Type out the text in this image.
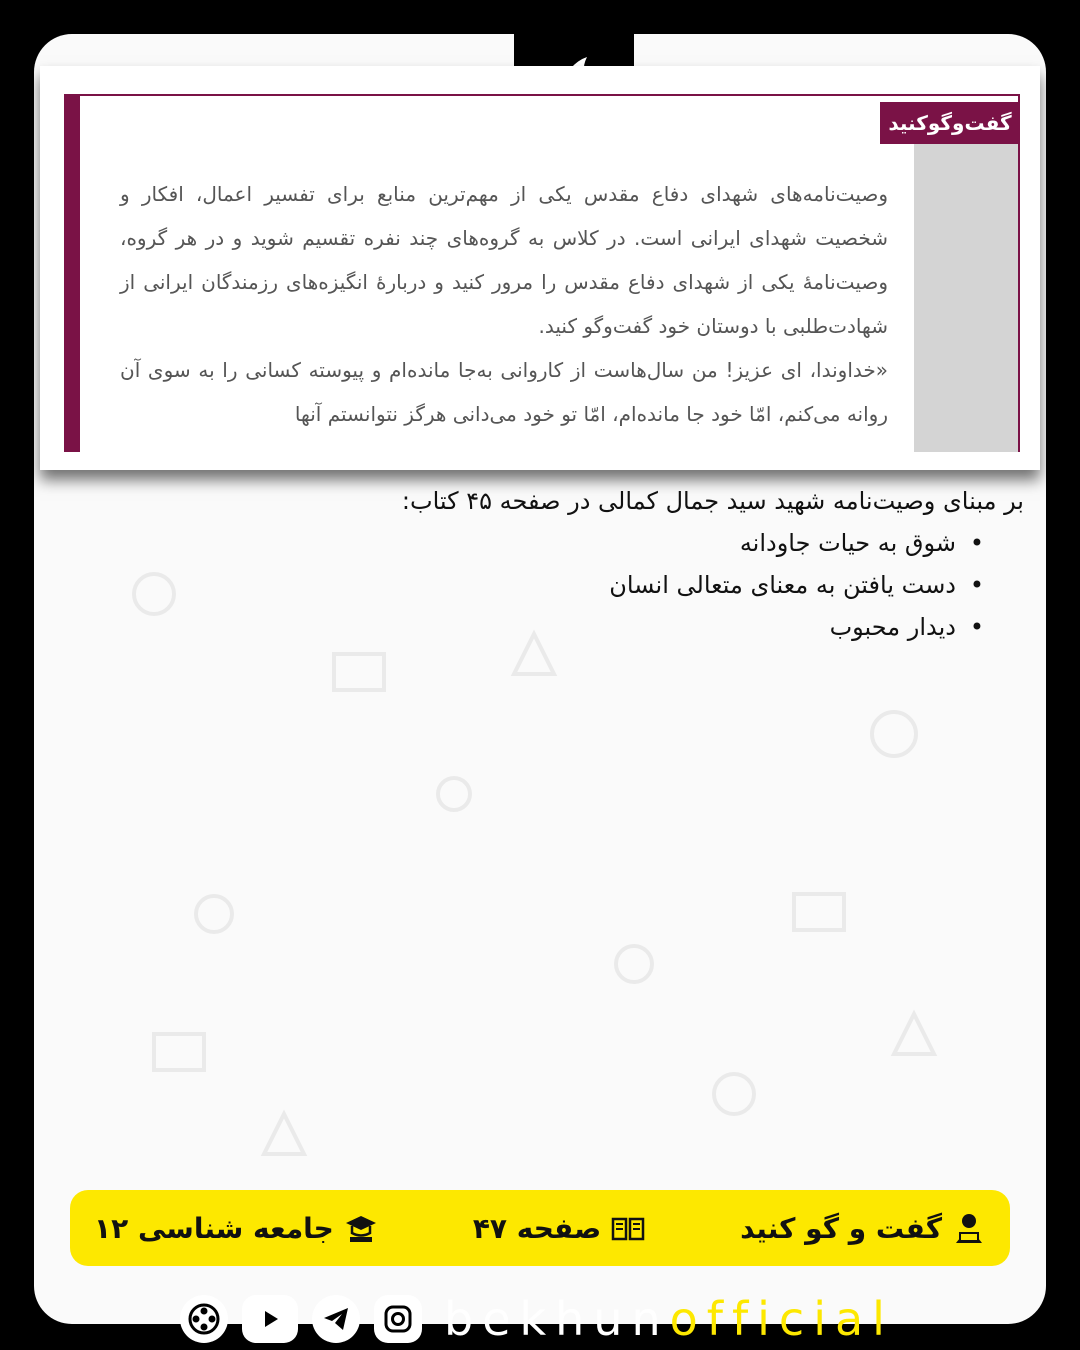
گفت‌وگوکنید

وصیت‌نامه‌های شهدای دفاع مقدس یکی از مهم‌ترین منابع برای تفسیر اعمال، افکار و شخصیت شهدای ایرانی است. در کلاس به گروه‌های چند نفره تقسیم شوید و در هر گروه، وصیت‌نامهٔ یکی از شهدای دفاع مقدس را مرور کنید و دربارهٔ انگیزه‌های رزمندگان ایرانی از شهادت‌طلبی با دوستان خود گفت‌وگو کنید.

«خداوندا، ای عزیز! من سال‌هاست از کاروانی به‌جا مانده‌ام و پیوسته کسانی را به سوی آن روانه می‌کنم، امّا خود جا مانده‌ام، امّا تو خود می‌دانی هرگز نتوانستم آنها

بر مبنای وصیت‌نامه شهید سید جمال کمالی در صفحه ۴۵ کتاب:

• شوق به حیات جاودانه
• دست یافتن به معنای متعالی انسان
• دیدار محبوب
گفت و گو کنید
صفحه ۴۷
جامعه شناسی ۱۲
bekhunofficial
